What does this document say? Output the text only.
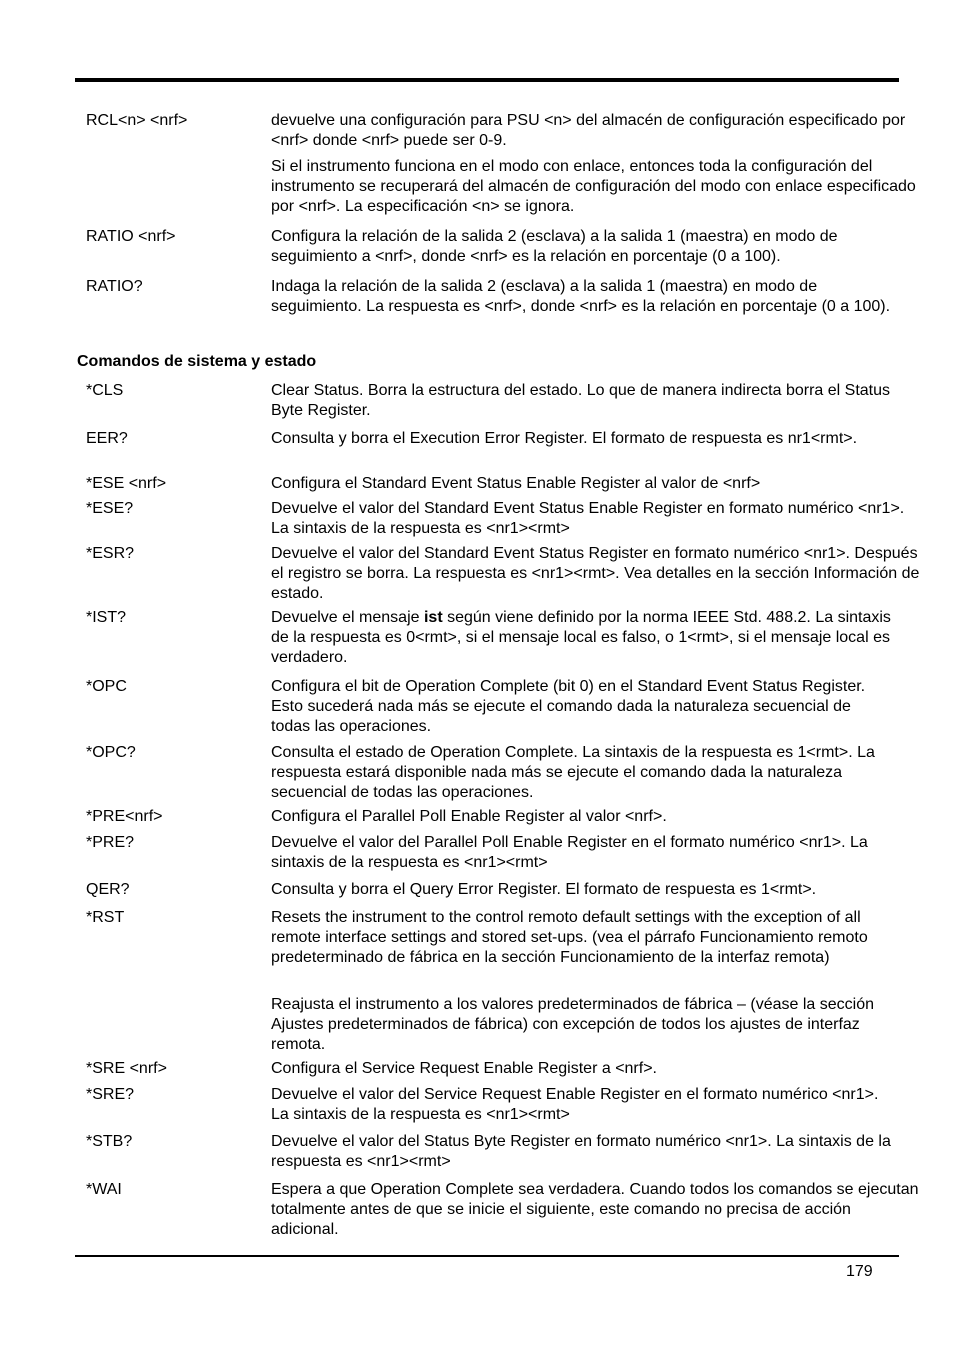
RCL<n> <nrf>	devuelve una configuración para PSU <n> del almacén de configuración especificado por <nrf> donde <nrf> puede ser 0-9.
Si el instrumento funciona en el modo con enlace, entonces toda la configuración del instrumento se recuperará del almacén de configuración del modo con enlace especificado por <nrf>. La especificación <n> se ignora.
RATIO <nrf>	Configura la relación de la salida 2 (esclava) a la salida 1 (maestra) en modo de seguimiento a <nrf>, donde <nrf> es la relación en porcentaje (0 a 100).
RATIO?	Indaga la relación de la salida 2 (esclava) a la salida 1 (maestra) en modo de seguimiento. La respuesta es <nrf>, donde <nrf> es la relación en porcentaje (0 a 100).
Comandos de sistema y estado
*CLS	Clear Status. Borra la estructura del estado. Lo que de manera indirecta borra el Status Byte Register.
EER?	Consulta y borra el Execution Error Register. El formato de respuesta es nr1<rmt>.
*ESE <nrf>	Configura el Standard Event Status Enable Register al valor de <nrf>
*ESE?	Devuelve el valor del Standard Event Status Enable Register en formato numérico <nr1>. La sintaxis de la respuesta es <nr1><rmt>
*ESR?	Devuelve el valor del Standard Event Status Register en formato numérico <nr1>. Después el registro se borra. La respuesta es <nr1><rmt>. Vea detalles en la sección Información de estado.
*IST?	Devuelve el mensaje ist según viene definido por la norma IEEE Std. 488.2. La sintaxis de la respuesta es 0<rmt>, si el mensaje local es falso, o 1<rmt>, si el mensaje local es verdadero.
*OPC	Configura el bit de Operation Complete (bit 0) en el Standard Event Status Register. Esto sucederá nada más se ejecute el comando dada la naturaleza secuencial de todas las operaciones.
*OPC?	Consulta el estado de Operation Complete. La sintaxis de la respuesta es 1<rmt>. La respuesta estará disponible nada más se ejecute el comando dada la naturaleza secuencial de todas las operaciones.
*PRE<nrf>	Configura el Parallel Poll Enable Register al valor <nrf>.
*PRE?	Devuelve el valor del Parallel Poll Enable Register en el formato numérico <nr1>. La sintaxis de la respuesta es <nr1><rmt>
QER?	Consulta y borra el Query Error Register. El formato de respuesta es 1<rmt>.
*RST	Resets the instrument to the control remoto default settings with the exception of all remote interface settings and stored set-ups. (vea el párrafo Funcionamiento remoto predeterminado de fábrica en la sección Funcionamiento de la interfaz remota)
Reajusta el instrumento a los valores predeterminados de fábrica – (véase la sección Ajustes predeterminados de fábrica) con excepción de todos los ajustes de interfaz remota.
*SRE <nrf>	Configura el Service Request Enable Register a <nrf>.
*SRE?	Devuelve el valor del Service Request Enable Register en el formato numérico <nr1>. La sintaxis de la respuesta es <nr1><rmt>
*STB?	Devuelve el valor del Status Byte Register en formato numérico <nr1>. La sintaxis de la respuesta es <nr1><rmt>
*WAI	Espera a que Operation Complete sea verdadera. Cuando todos los comandos se ejecutan totalmente antes de que se inicie el siguiente, este comando no precisa de acción adicional.
179
